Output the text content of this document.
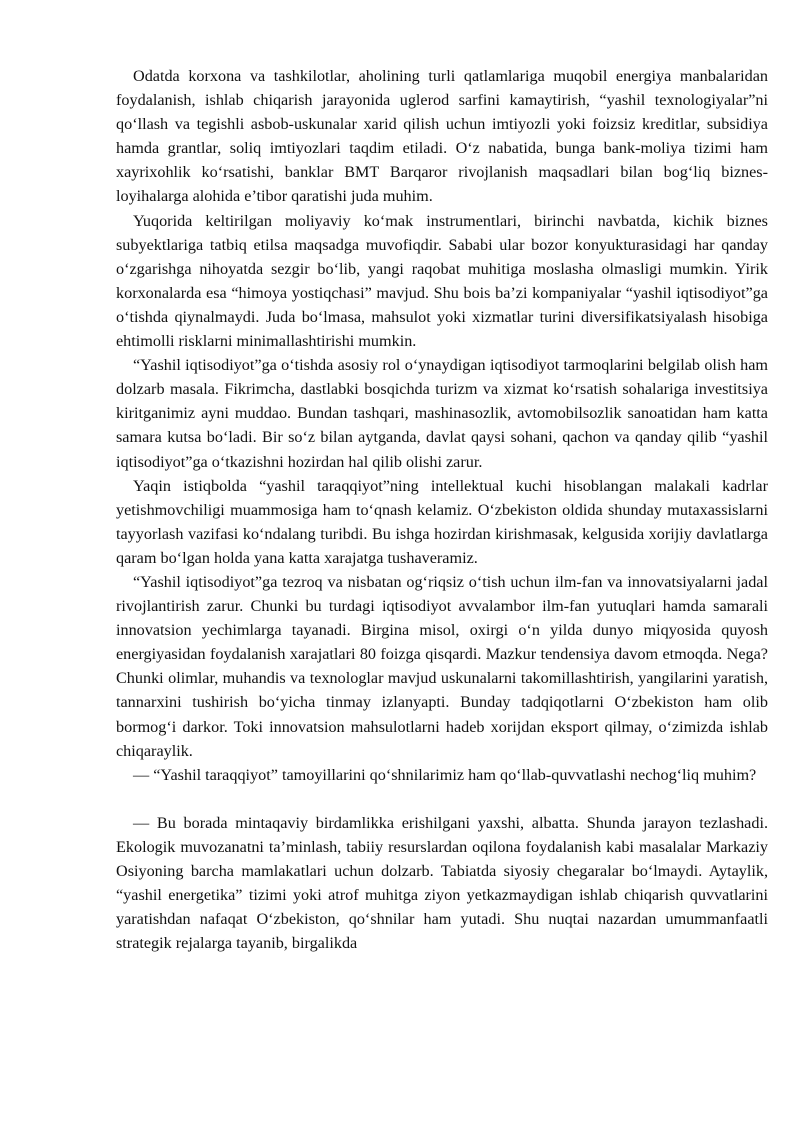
Odatda korxona va tashkilotlar, aholining turli qatlamlariga muqobil energiya manbalaridan foydalanish, ishlab chiqarish jarayonida uglerod sarfini kamaytirish, “yashil texnologiyalar”ni qo‘llash va tegishli asbob-uskunalar xarid qilish uchun imtiyozli yoki foizsiz kreditlar, subsidiya hamda grantlar, soliq imtiyozlari taqdim etiladi. O‘z nabatida, bunga bank-moliya tizimi ham xayrixohlik ko‘rsatishi, banklar BMT Barqaror rivojlanish maqsadlari bilan bog‘liq biznes-loyihalarga alohida e’tibor qaratishi juda muhim.

Yuqorida keltirilgan moliyaviy ko‘mak instrumentlari, birinchi navbatda, kichik biznes subyektlariga tatbiq etilsa maqsadga muvofiqdir. Sababi ular bozor konyukturasidagi har qanday o‘zgarishga nihoyatda sezgir bo‘lib, yangi raqobat muhitiga moslasha olmasligi mumkin. Yirik korxonalarda esa “himoya yostiqchasi” mavjud. Shu bois ba’zi kompaniyalar “yashil iqtisodiyot”ga o‘tishda qiynalmaydi. Juda bo‘lmasa, mahsulot yoki xizmatlar turini diversifikatsiyalash hisobiga ehtimolli risklarni minimallashtirishi mumkin.

“Yashil iqtisodiyot”ga o‘tishda asosiy rol o‘ynaydigan iqtisodiyot tarmoqlarini belgilab olish ham dolzarb masala. Fikrimcha, dastlabki bosqichda turizm va xizmat ko‘rsatish sohalariga investitsiya kiritganimiz ayni muddao. Bundan tashqari, mashinasozlik, avtomobilsozlik sanoatidan ham katta samara kutsa bo‘ladi. Bir so‘z bilan aytganda, davlat qaysi sohani, qachon va qanday qilib “yashil iqtisodiyot”ga o‘tkazishni hozirdan hal qilib olishi zarur.

Yaqin istiqbolda “yashil taraqqiyot”ning intellektual kuchi hisoblangan malakali kadrlar yetishmovchiligi muammosiga ham to‘qnash kelamiz. O‘zbekiston oldida shunday mutaxassislarni tayyorlash vazifasi ko‘ndalang turibdi. Bu ishga hozirdan kirishmasak, kelgusida xorijiy davlatlarga qaram bo‘lgan holda yana katta xarajatga tushaveramiz.

“Yashil iqtisodiyot”ga tezroq va nisbatan og‘riqsiz o‘tish uchun ilm-fan va innovatsiyalarni jadal rivojlantirish zarur. Chunki bu turdagi iqtisodiyot avvalambor ilm-fan yutuqlari hamda samarali innovatsion yechimlarga tayanadi. Birgina misol, oxirgi o‘n yilda dunyo miqyosida quyosh energiyasidan foydalanish xarajatlari 80 foizga qisqardi. Mazkur tendensiya davom etmoqda. Nega? Chunki olimlar, muhandis va texnologlar mavjud uskunalarni takomillashtirish, yangilarini yaratish, tannarxini tushirish bo‘yicha tinmay izlanyapti. Bunday tadqiqotlarni O‘zbekiston ham olib bormog‘i darkor. Toki innovatsion mahsulotlarni hadeb xorijdan eksport qilmay, o‘zimizda ishlab chiqaraylik.

— “Yashil taraqqiyot” tamoyillarini qo‘shnilarimiz ham qo‘llab-quvvatlashi nechog‘liq muhim?

— Bu borada mintaqaviy birdamlikka erishilgani yaxshi, albatta. Shunda jarayon tezlashadi. Ekologik muvozanatni ta’minlash, tabiiy resurslardan oqilona foydalanish kabi masalalar Markaziy Osiyoning barcha mamlakatlari uchun dolzarb. Tabiatda siyosiy chegaralar bo‘lmaydi. Aytaylik, “yashil energetika” tizimi yoki atrof muhitga ziyon yetkazmaydigan ishlab chiqarish quvvatlarini yaratishdan nafaqat O‘zbekiston, qo‘shnilar ham yutadi. Shu nuqtai nazardan umummanfaatli strategik rejalarga tayanib, birgalikda
